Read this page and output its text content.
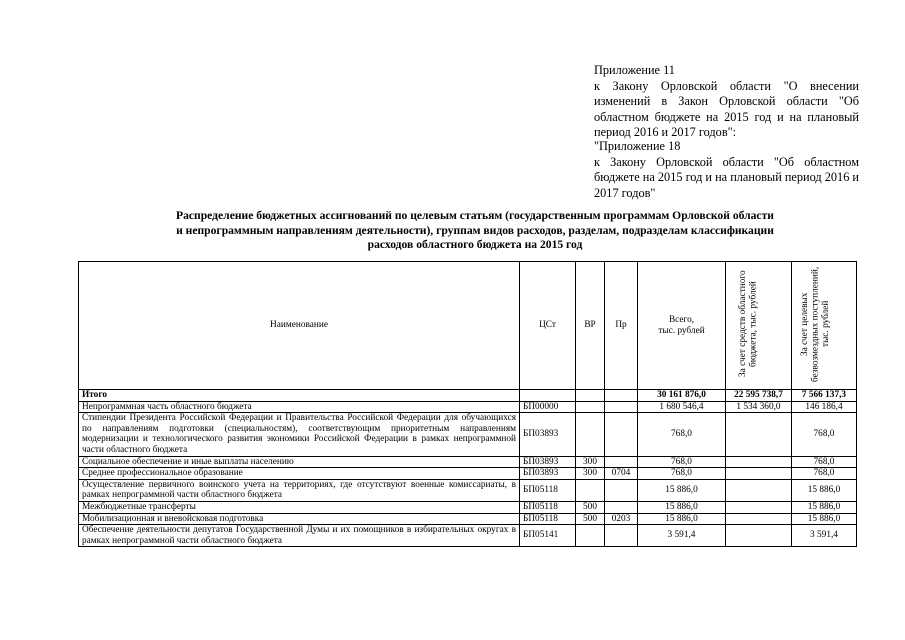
Приложение 11
к Закону Орловской области "О внесении изменений в Закон Орловской области "Об областном бюджете на 2015 год и на плановый период 2016 и 2017 годов":
"Приложение 18
к Закону Орловской области "Об областном бюджете на 2015 год и на плановый период 2016 и 2017 годов"
Распределение бюджетных ассигнований по целевым статьям (государственным программам Орловской области
и непрограммным направлениям деятельности), группам видов расходов, разделам, подразделам классификации
расходов областного бюджета на 2015 год
Наименование	ЦСт	ВР	Пр	Всего,
тыс. рублей	За счет средств областного бюджета, тыс. рублей	За счет целевых безвозмездных поступлений, тыс. рублей
Итого				30 161 876,0	22 595 738,7	7 566 137,3
Непрограммная часть областного бюджета	БП00000			1 680 546,4	1 534 360,0	146 186,4
Стипендии Президента Российской Федерации и Правительства Российской Федерации для обучающихся по направлениям подготовки (специальностям), соответствующим приоритетным направлениям модернизации и технологического развития экономики Российской Федерации в рамках непрограммной части областного бюджета	БП03893			768,0		768,0
Социальное обеспечение и иные выплаты населению	БП03893	300		768,0		768,0
Среднее профессиональное образование	БП03893	300	0704	768,0		768,0
Осуществление первичного воинского учета на территориях, где отсутствуют военные комиссариаты, в рамках непрограммной части областного бюджета	БП05118			15 886,0		15 886,0
Межбюджетные трансферты	БП05118	500		15 886,0		15 886,0
Мобилизационная и вневойсковая подготовка	БП05118	500	0203	15 886,0		15 886,0
Обеспечение деятельности депутатов Государственной Думы и их помощников в избирательных округах в рамках непрограммной части областного бюджета	БП05141			3 591,4		3 591,4
